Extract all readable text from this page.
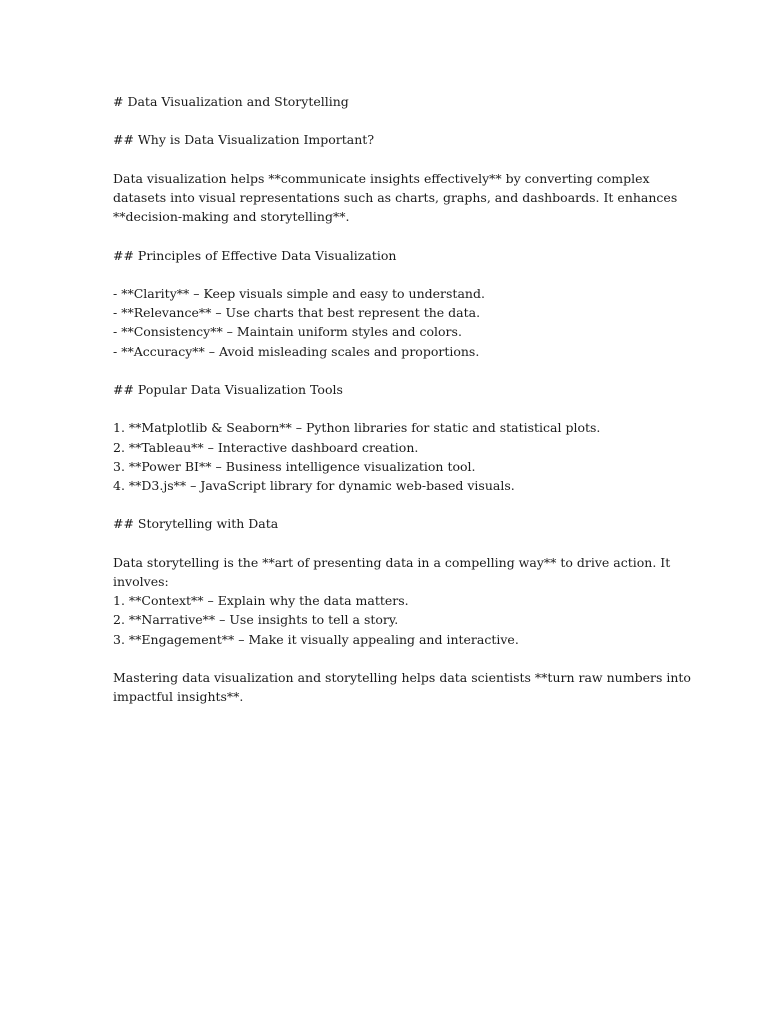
# Data Visualization and Storytelling

## Why is Data Visualization Important?

Data visualization helps **communicate insights effectively** by converting complex

datasets into visual representations such as charts, graphs, and dashboards. It enhances

**decision-making and storytelling**.

## Principles of Effective Data Visualization

- **Clarity** – Keep visuals simple and easy to understand.

- **Relevance** – Use charts that best represent the data.

- **Consistency** – Maintain uniform styles and colors.

- **Accuracy** – Avoid misleading scales and proportions.

## Popular Data Visualization Tools

1. **Matplotlib & Seaborn** – Python libraries for static and statistical plots.

2. **Tableau** – Interactive dashboard creation.

3. **Power BI** – Business intelligence visualization tool.

4. **D3.js** – JavaScript library for dynamic web-based visuals.

## Storytelling with Data

Data storytelling is the **art of presenting data in a compelling way** to drive action. It

involves:

1. **Context** – Explain why the data matters.

2. **Narrative** – Use insights to tell a story.

3. **Engagement** – Make it visually appealing and interactive.

Mastering data visualization and storytelling helps data scientists **turn raw numbers into

impactful insights**.
